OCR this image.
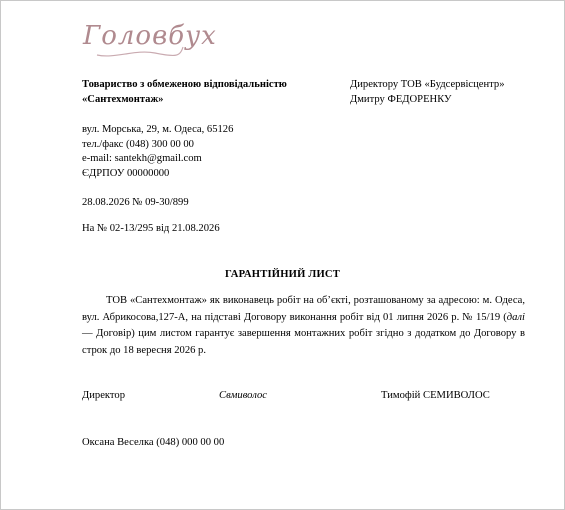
Головбух
Товариство з обмеженою відповідальністю
«Сантехмонтаж»
Директору ТОВ «Будсервісцентр»
Дмитру ФЕДОРЕНКУ
вул. Морська, 29, м. Одеса, 65126
тел./факс (048) 300 00 00
e-mail: santekh@gmail.com
ЄДРПОУ 00000000
28.08.2026 № 09-30/899
На № 02-13/295 від 21.08.2026
ГАРАНТІЙНИЙ ЛИСТ
ТОВ «Сантехмонтаж» як виконавець робіт на об’єкті, розташованому за адресою: м. Одеса, вул. Абрикосова,127-А, на підставі Договору виконання робіт від 01 липня 2026 р. № 15/19 (далі — Договір) цим листом гарантує завершення монтажних робіт згідно з додатком до Договору в строк до 18 вересня 2026 р.
Директор	Свмиволос	Тимофій СЕМИВОЛОС
Оксана Веселка (048) 000 00 00
